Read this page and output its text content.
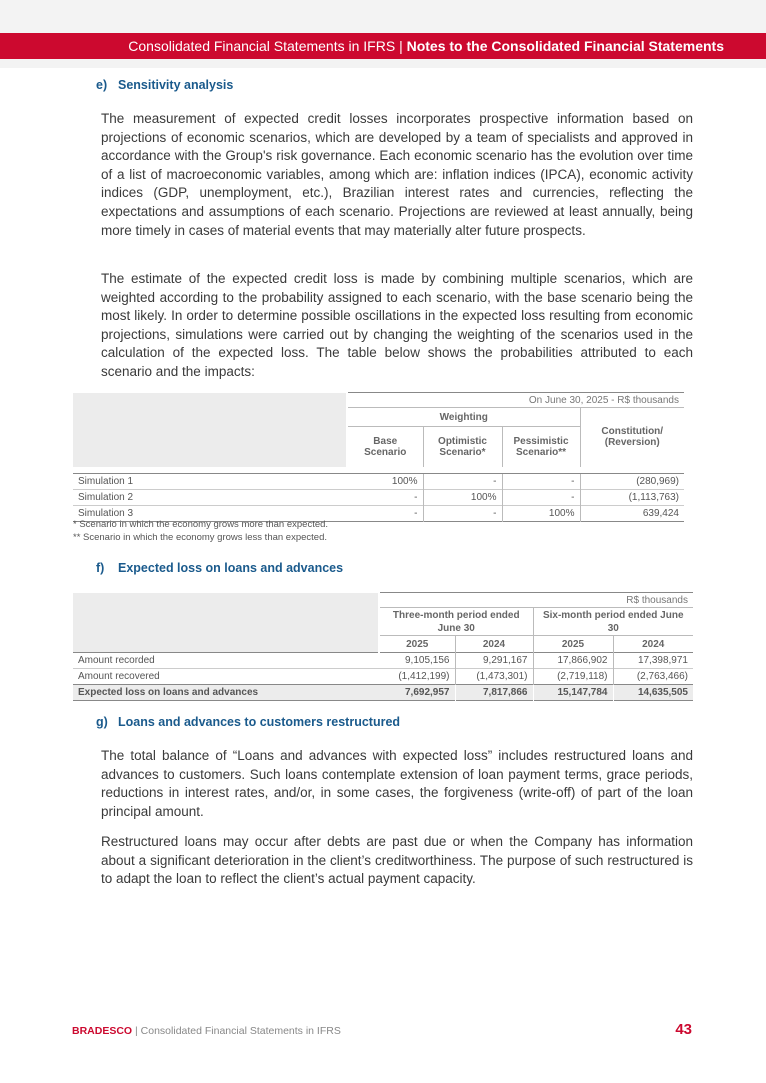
Consolidated Financial Statements in IFRS | Notes to the Consolidated Financial Statements
e) Sensitivity analysis

The measurement of expected credit losses incorporates prospective information based on projections of economic scenarios, which are developed by a team of specialists and approved in accordance with the Group's risk governance. Each economic scenario has the evolution over time of a list of macroeconomic variables, among which are: inflation indices (IPCA), economic activity indices (GDP, unemployment, etc.), Brazilian interest rates and currencies, reflecting the expectations and assumptions of each scenario. Projections are reviewed at least annually, being more timely in cases of material events that may materially alter future prospects.

The estimate of the expected credit loss is made by combining multiple scenarios, which are weighted according to the probability assigned to each scenario, with the base scenario being the most likely. In order to determine possible oscillations in the expected loss resulting from economic projections, simulations were carried out by changing the weighting of the scenarios used in the calculation of the expected loss. The table below shows the probabilities attributed to each scenario and the impacts:

	On June 30, 2025 - R$ thousands			
	Weighting			Constitution/ (Reversion)
	Base Scenario	Optimistic Scenario*	Pessimistic Scenario**	

Simulation 1	100%	-	-	(280,969)
Simulation 2	-	100%	-	(1,113,763)
Simulation 3	-	-	100%	639,424
* Scenario in which the economy grows more than expected.
** Scenario in which the economy grows less than expected.
f) Expected loss on loans and advances
	R$ thousands			
	Three-month period ended June 30		Six-month period ended June 30	
	2025	2024	2025	2024
Amount recorded	9,105,156	9,291,167	17,866,902	17,398,971
Amount recovered	(1,412,199)	(1,473,301)	(2,719,118)	(2,763,466)
Expected loss on loans and advances	7,692,957	7,817,866	15,147,784	14,635,505
g) Loans and advances to customers restructured

The total balance of “Loans and advances with expected loss” includes restructured loans and advances to customers. Such loans contemplate extension of loan payment terms, grace periods, reductions in interest rates, and/or, in some cases, the forgiveness (write-off) of part of the loan principal amount.

Restructured loans may occur after debts are past due or when the Company has information about a significant deterioration in the client’s creditworthiness. The purpose of such restructured is to adapt the loan to reflect the client’s actual payment capacity.

BRADESCO | Consolidated Financial Statements in IFRS	43
